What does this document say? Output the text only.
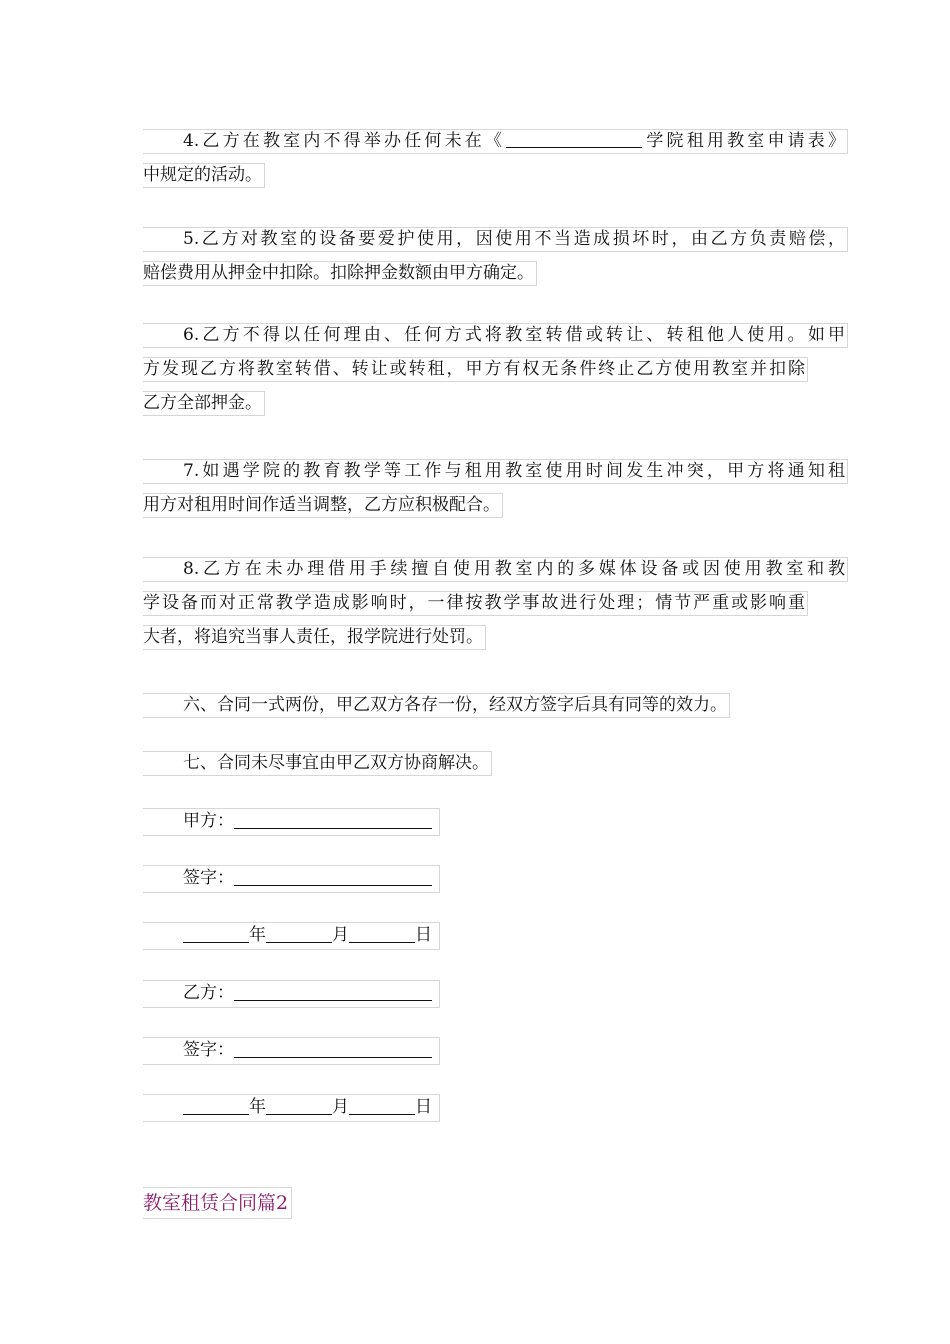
4.乙方在教室内不得举办任何未在《	学院租用教室申请表》
中规定的活动。
5.乙方对教室的设备要爱护使用，因使用不当造成损坏时，由乙方负责赔偿，
赔偿费用从押金中扣除。扣除押金数额由甲方确定。
6.乙方不得以任何理由、任何方式将教室转借或转让、转租他人使用。如甲
方发现乙方将教室转借、转让或转租，甲方有权无条件终止乙方使用教室并扣除
乙方全部押金。
7.如遇学院的教育教学等工作与租用教室使用时间发生冲突，甲方将通知租
用方对租用时间作适当调整，乙方应积极配合。
8.乙方在未办理借用手续擅自使用教室内的多媒体设备或因使用教室和教
学设备而对正常教学造成影响时，一律按教学事故进行处理；情节严重或影响重
大者，将追究当事人责任，报学院进行处罚。
六、合同一式两份，甲乙双方各存一份，经双方签字后具有同等的效力。
七、合同未尽事宜由甲乙双方协商解决。
甲方：
签字：
年	月	日
乙方：
签字：
年	月	日
教室租赁合同篇2
